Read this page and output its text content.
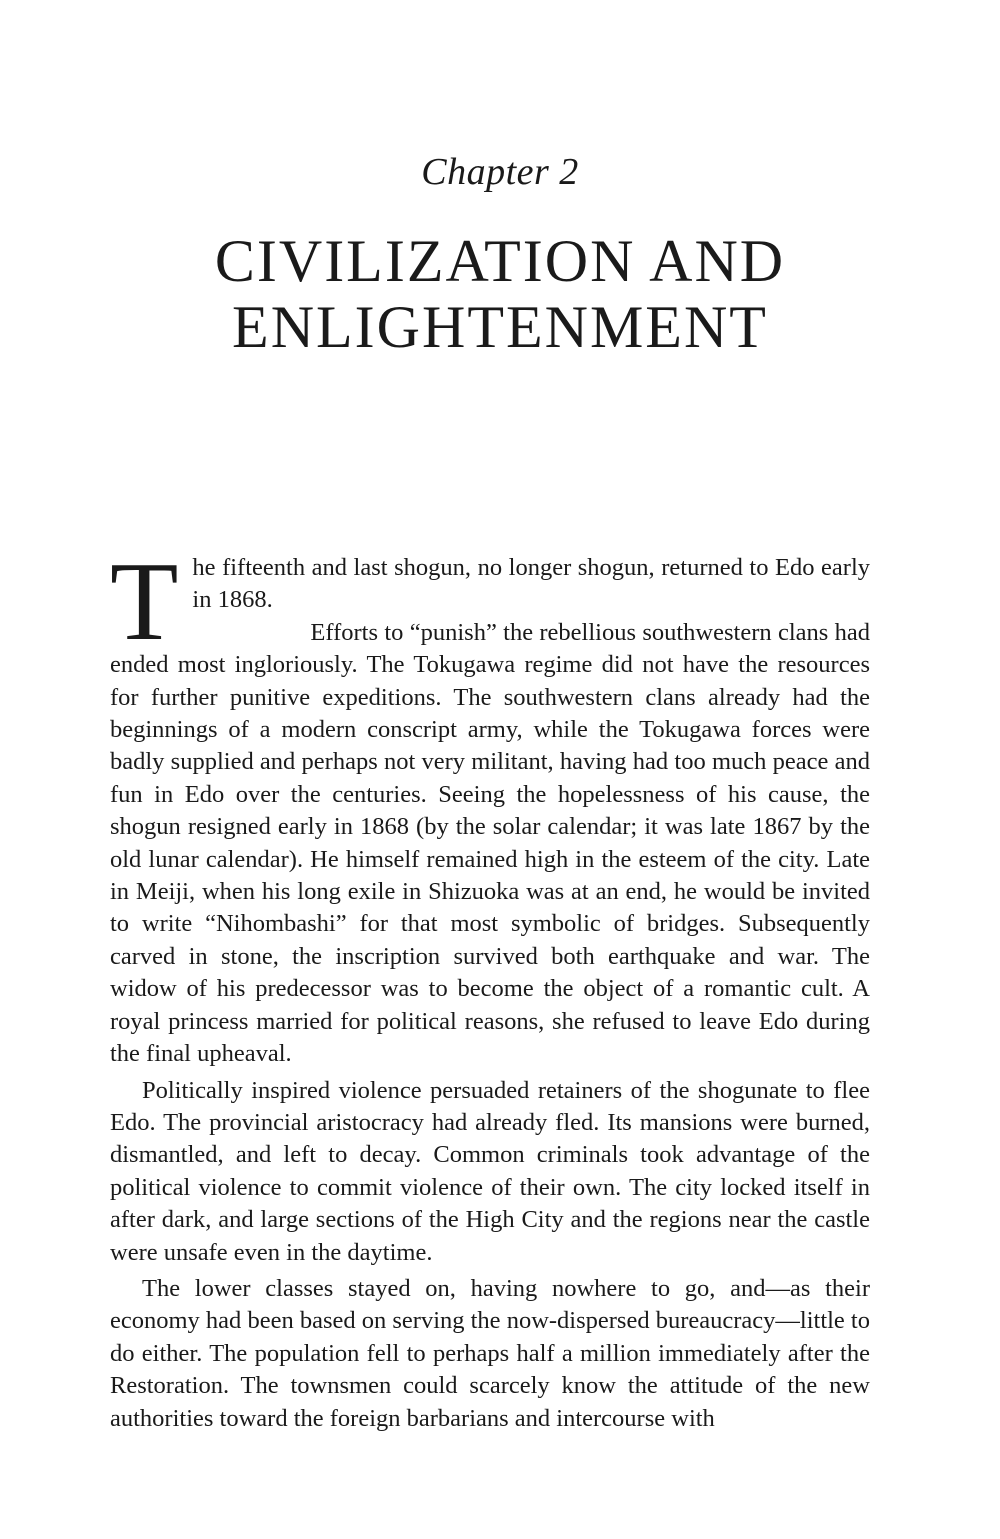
Chapter 2
CIVILIZATION AND
ENLIGHTENMENT

The fifteenth and last shogun, no longer shogun, returned to Edo early in 1868.

Efforts to “punish” the rebellious southwestern clans had ended most ingloriously. The Tokugawa regime did not have the resources for further punitive expeditions. The southwestern clans already had the beginnings of a modern conscript army, while the Tokugawa forces were badly supplied and perhaps not very militant, having had too much peace and fun in Edo over the centuries. Seeing the hopelessness of his cause, the shogun resigned early in 1868 (by the solar calendar; it was late 1867 by the old lunar calendar). He himself remained high in the esteem of the city. Late in Meiji, when his long exile in Shizuoka was at an end, he would be invited to write “Nihombashi” for that most symbolic of bridges. Subsequently carved in stone, the inscription survived both earthquake and war. The widow of his predecessor was to become the object of a romantic cult. A royal princess married for political reasons, she refused to leave Edo during the final upheaval.

Politically inspired violence persuaded retainers of the shogunate to flee Edo. The provincial aristocracy had already fled. Its mansions were burned, dismantled, and left to decay. Common criminals took advantage of the political violence to commit violence of their own. The city locked itself in after dark, and large sections of the High City and the regions near the castle were unsafe even in the daytime.

The lower classes stayed on, having nowhere to go, and—as their economy had been based on serving the now-dispersed bureaucracy—little to do either. The population fell to perhaps half a million immediately after the Restoration. The townsmen could scarcely know the attitude of the new authorities toward the foreign barbarians and intercourse with
